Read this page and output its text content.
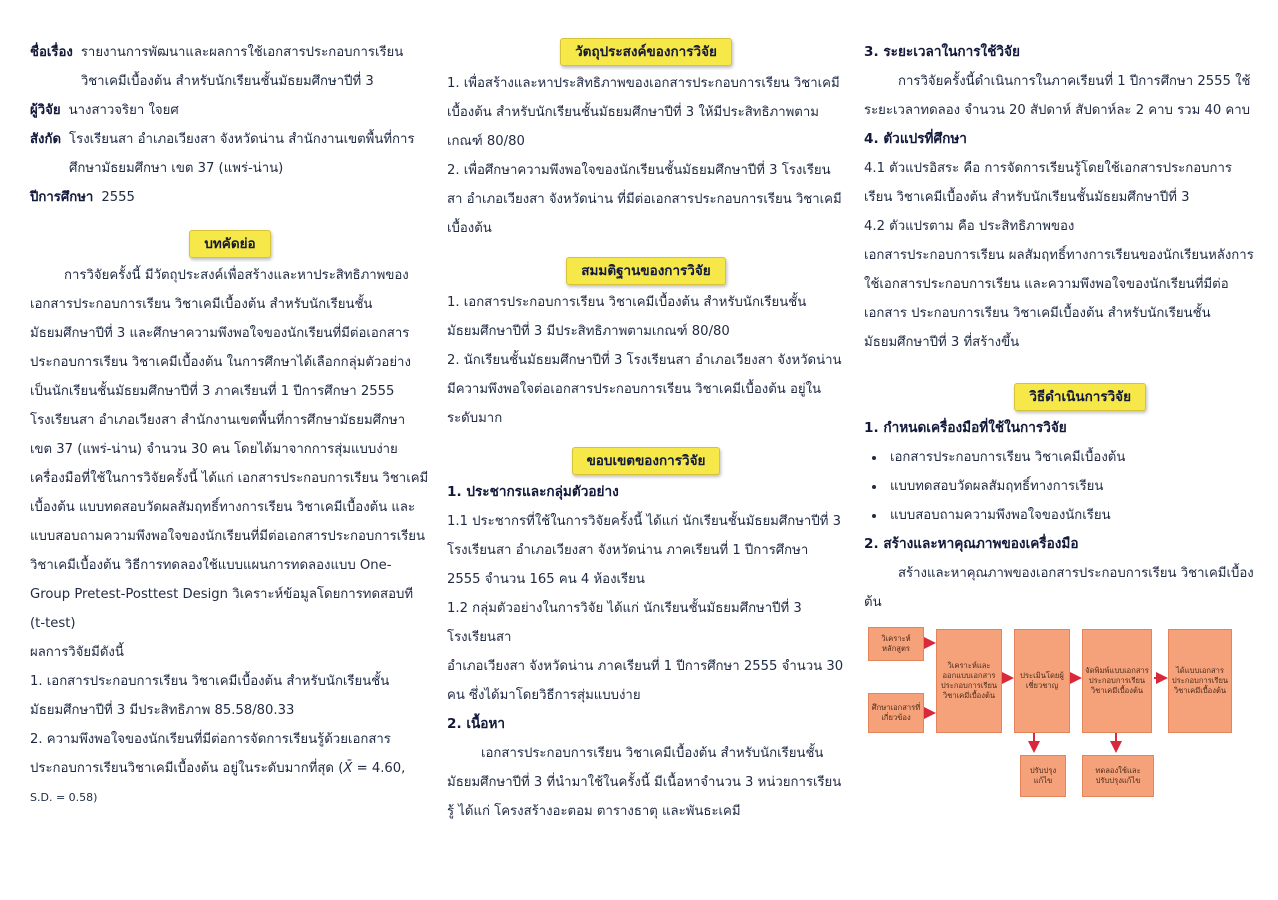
ชื่อเรื่อง รายงานการพัฒนาและผลการใช้เอกสารประกอบการเรียน วิชาเคมีเบื้องต้น สำหรับนักเรียนชั้นมัธยมศึกษาปีที่ 3
ผู้วิจัย นางสาวจริยา ใจยศ
สังกัด โรงเรียนสา อำเภอเวียงสา จังหวัดน่าน สำนักงานเขตพื้นที่การศึกษามัธยมศึกษา เขต 37 (แพร่-น่าน)
ปีการศึกษา 2555
บทคัดย่อ

การวิจัยครั้งนี้ มีวัตถุประสงค์เพื่อสร้างและหาประสิทธิภาพของเอกสารประกอบการเรียน วิชาเคมีเบื้องต้น สำหรับนักเรียนชั้นมัธยมศึกษาปีที่ 3 และศึกษาความพึงพอใจของนักเรียนที่มีต่อเอกสารประกอบการเรียน วิชาเคมีเบื้องต้น ในการศึกษาได้เลือกกลุ่มตัวอย่างเป็นนักเรียนชั้นมัธยมศึกษาปีที่ 3 ภาคเรียนที่ 1 ปีการศึกษา 2555 โรงเรียนสา อำเภอเวียงสา สำนักงานเขตพื้นที่การศึกษามัธยมศึกษา เขต 37 (แพร่-น่าน) จำนวน 30 คน โดยได้มาจากการสุ่มแบบง่าย เครื่องมือที่ใช้ในการวิจัยครั้งนี้ ได้แก่ เอกสารประกอบการเรียน วิชาเคมีเบื้องต้น แบบทดสอบวัดผลสัมฤทธิ์ทางการเรียน วิชาเคมีเบื้องต้น และแบบสอบถามความพึงพอใจของนักเรียนที่มีต่อเอกสารประกอบการเรียน วิชาเคมีเบื้องต้น วิธีการทดลองใช้แบบแผนการทดลองแบบ One-Group Pretest-Posttest Design วิเคราะห์ข้อมูลโดยการทดสอบที (t-test)

ผลการวิจัยมีดังนี้

1. เอกสารประกอบการเรียน วิชาเคมีเบื้องต้น สำหรับนักเรียนชั้นมัธยมศึกษาปีที่ 3 มีประสิทธิภาพ 85.58/80.33

2. ความพึงพอใจของนักเรียนที่มีต่อการจัดการเรียนรู้ด้วยเอกสารประกอบการเรียนวิชาเคมีเบื้องต้น อยู่ในระดับมากที่สุด (X̄ = 4.60, S.D. = 0.58)

วัตถุประสงค์ของการวิจัย

1. เพื่อสร้างและหาประสิทธิภาพของเอกสารประกอบการเรียน วิชาเคมีเบื้องต้น สำหรับนักเรียนชั้นมัธยมศึกษาปีที่ 3 ให้มีประสิทธิภาพตามเกณฑ์ 80/80

2. เพื่อศึกษาความพึงพอใจของนักเรียนชั้นมัธยมศึกษาปีที่ 3 โรงเรียนสา อำเภอเวียงสา จังหวัดน่าน ที่มีต่อเอกสารประกอบการเรียน วิชาเคมีเบื้องต้น

สมมติฐานของการวิจัย

1. เอกสารประกอบการเรียน วิชาเคมีเบื้องต้น สำหรับนักเรียนชั้นมัธยมศึกษาปีที่ 3 มีประสิทธิภาพตามเกณฑ์ 80/80

2. นักเรียนชั้นมัธยมศึกษาปีที่ 3 โรงเรียนสา อำเภอเวียงสา จังหวัดน่าน มีความพึงพอใจต่อเอกสารประกอบการเรียน วิชาเคมีเบื้องต้น อยู่ในระดับมาก

ขอบเขตของการวิจัย

1. ประชากรและกลุ่มตัวอย่าง

1.1 ประชากรที่ใช้ในการวิจัยครั้งนี้ ได้แก่ นักเรียนชั้นมัธยมศึกษาปีที่ 3 โรงเรียนสา อำเภอเวียงสา จังหวัดน่าน ภาคเรียนที่ 1 ปีการศึกษา 2555 จำนวน 165 คน 4 ห้องเรียน

1.2 กลุ่มตัวอย่างในการวิจัย ได้แก่ นักเรียนชั้นมัธยมศึกษาปีที่ 3 โรงเรียนสา

อำเภอเวียงสา จังหวัดน่าน ภาคเรียนที่ 1 ปีการศึกษา 2555 จำนวน 30 คน ซึ่งได้มาโดยวิธีการสุ่มแบบง่าย

2. เนื้อหา

เอกสารประกอบการเรียน วิชาเคมีเบื้องต้น สำหรับนักเรียนชั้นมัธยมศึกษาปีที่ 3 ที่นำมาใช้ในครั้งนี้ มีเนื้อหาจำนวน 3 หน่วยการเรียนรู้ ได้แก่ โครงสร้างอะตอม ตารางธาตุ และพันธะเคมี

3. ระยะเวลาในการใช้วิจัย

การวิจัยครั้งนี้ดำเนินการในภาคเรียนที่ 1 ปีการศึกษา 2555 ใช้ระยะเวลาทดลอง จำนวน 20 สัปดาห์ สัปดาห์ละ 2 คาบ รวม 40 คาบ

4. ตัวแปรที่ศึกษา

4.1 ตัวแปรอิสระ คือ การจัดการเรียนรู้โดยใช้เอกสารประกอบการเรียน วิชาเคมีเบื้องต้น สำหรับนักเรียนชั้นมัธยมศึกษาปีที่ 3

4.2 ตัวแปรตาม คือ ประสิทธิภาพของ

เอกสารประกอบการเรียน ผลสัมฤทธิ์ทางการเรียนของนักเรียนหลังการใช้เอกสารประกอบการเรียน และความพึงพอใจของนักเรียนที่มีต่อเอกสาร ประกอบการเรียน วิชาเคมีเบื้องต้น สำหรับนักเรียนชั้นมัธยมศึกษาปีที่ 3 ที่สร้างขึ้น

วิธีดำเนินการวิจัย

1. กำหนดเครื่องมือที่ใช้ในการวิจัย

• เอกสารประกอบการเรียน วิชาเคมีเบื้องต้น
• แบบทดสอบวัดผลสัมฤทธิ์ทางการเรียน
• แบบสอบถามความพึงพอใจของนักเรียน

2. สร้างและหาคุณภาพของเครื่องมือ

สร้างและหาคุณภาพของเอกสารประกอบการเรียน วิชาเคมีเบื้องต้น

วิเคราะห์หลักสูตร
ศึกษาเอกสารที่เกี่ยวข้อง
วิเคราะห์และออกแบบเอกสารประกอบการเรียนวิชาเคมีเบื้องต้น
ประเมินโดยผู้เชี่ยวชาญ
ปรับปรุงแก้ไข
จัดพิมพ์แบบเอกสารประกอบการเรียนวิชาเคมีเบื้องต้น
ทดลองใช้และปรับปรุงแก้ไข
ได้แบบเอกสารประกอบการเรียนวิชาเคมีเบื้องต้น
